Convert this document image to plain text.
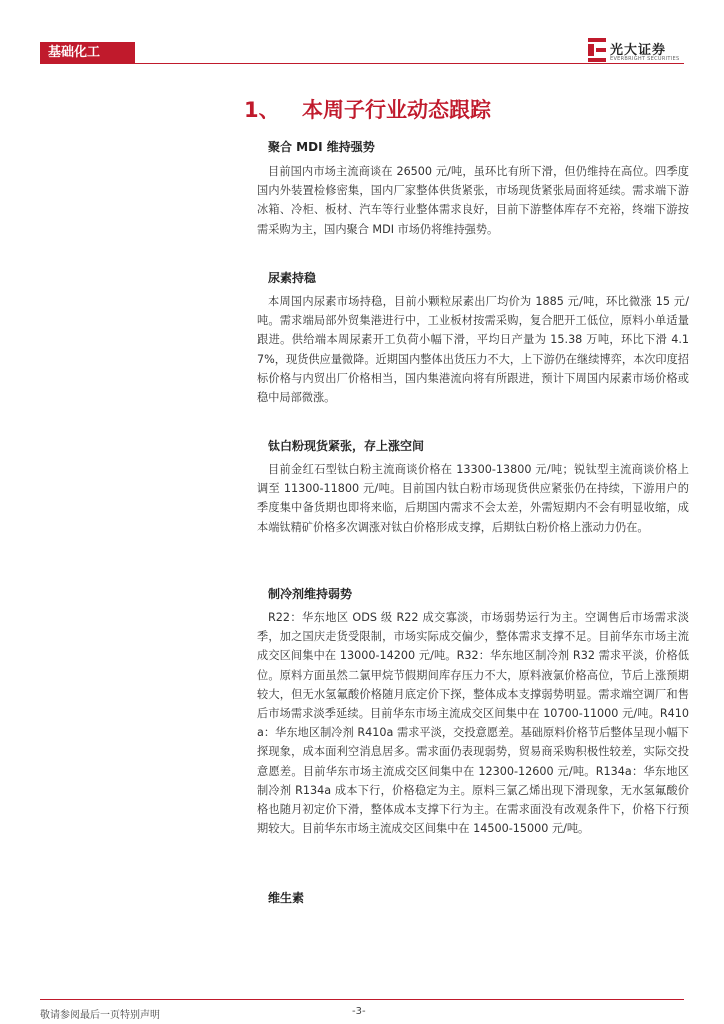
基础化工	光大证券
EVERBRIGHT SECURITIES
1、 本周子行业动态跟踪
聚合 MDI 维持强势

目前国内市场主流商谈在 26500 元/吨，虽环比有所下滑，但仍维持在高位。四季度国内外装置检修密集，国内厂家整体供货紧张，市场现货紧张局面将延续。需求端下游冰箱、冷柜、板材、汽车等行业整体需求良好，目前下游整体库存不充裕，终端下游按需采购为主，国内聚合 MDI 市场仍将维持强势。

尿素持稳

本周国内尿素市场持稳，目前小颗粒尿素出厂均价为 1885 元/吨，环比微涨 15 元/吨。需求端局部外贸集港进行中，工业板材按需采购，复合肥开工低位，原料小单适量跟进。供给端本周尿素开工负荷小幅下滑，平均日产量为 15.38 万吨，环比下滑 4.17%，现货供应量微降。近期国内整体出货压力不大，上下游仍在继续博弈，本次印度招标价格与内贸出厂价格相当，国内集港流向将有所跟进，预计下周国内尿素市场价格或稳中局部微涨。

钛白粉现货紧张，存上涨空间

目前金红石型钛白粉主流商谈价格在 13300-13800 元/吨；锐钛型主流商谈价格上调至 11300-11800 元/吨。目前国内钛白粉市场现货供应紧张仍在持续，下游用户的季度集中备货期也即将来临，后期国内需求不会太差，外需短期内不会有明显收缩，成本端钛精矿价格多次调涨对钛白价格形成支撑，后期钛白粉价格上涨动力仍在。

制冷剂维持弱势

R22：华东地区 ODS 级 R22 成交寡淡，市场弱势运行为主。空调售后市场需求淡季，加之国庆走货受限制，市场实际成交偏少，整体需求支撑不足。目前华东市场主流成交区间集中在 13000-14200 元/吨。R32：华东地区制冷剂 R32 需求平淡，价格低位。原料方面虽然二氯甲烷节假期间库存压力不大，原料液氯价格高位，节后上涨预期较大，但无水氢氟酸价格随月底定价下探，整体成本支撑弱势明显。需求端空调厂和售后市场需求淡季延续。目前华东市场主流成交区间集中在 10700-11000 元/吨。R410a：华东地区制冷剂 R410a 需求平淡，交投意愿差。基础原料价格节后整体呈现小幅下探现象，成本面利空消息居多。需求面仍表现弱势，贸易商采购积极性较差，实际交投意愿差。目前华东市场主流成交区间集中在 12300-12600 元/吨。R134a：华东地区制冷剂 R134a 成本下行，价格稳定为主。原料三氯乙烯出现下滑现象，无水氢氟酸价格也随月初定价下滑，整体成本支撑下行为主。在需求面没有改观条件下，价格下行预期较大。目前华东市场主流成交区间集中在 14500-15000 元/吨。

维生素
敬请参阅最后一页特别声明	-3-
